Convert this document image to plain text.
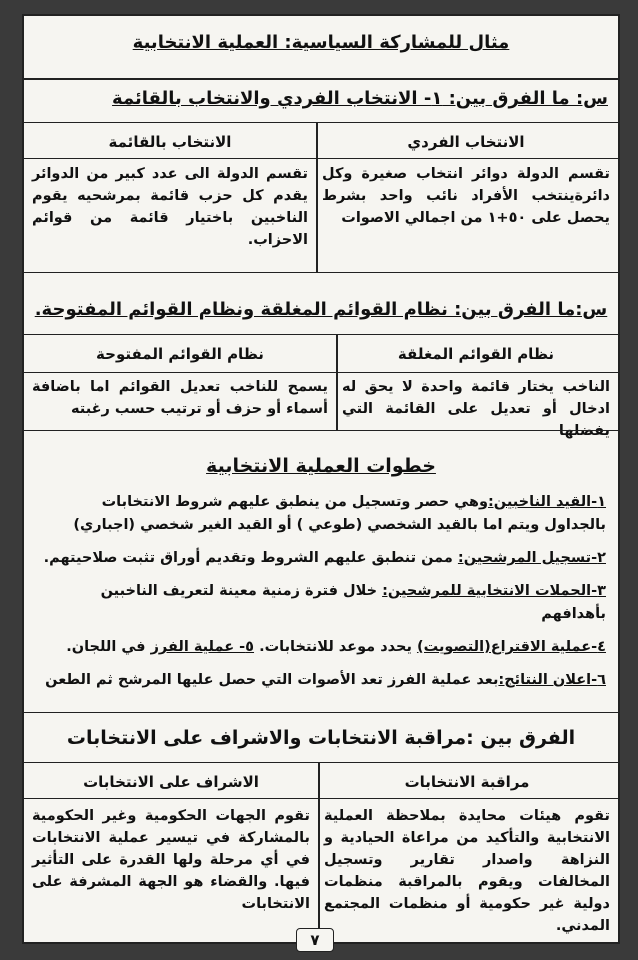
مثال للمشاركة السياسية: العملية الانتخابية
س: ما الفرق بين: ١- الانتخاب الفردي والانتخاب بالقائمة
الانتخاب الفردي
الانتخاب بالقائمة
تقسم الدولة دوائر انتخاب صغيرة وكل دائرةينتخب الأفراد نائب واحد بشرط يحصل على ٥٠+١ من اجمالي الاصوات
تقسم الدولة الى عدد كبير من الدوائر يقدم كل حزب قائمة بمرشحيه يقوم الناخبين باختيار قائمة من قوائم الاحزاب.
س:ما الفرق بين: نظام القوائم المغلقة ونظام القوائم المفتوحة.
نظام القوائم المغلقة
نظام القوائم المفتوحة
الناخب يختار قائمة واحدة لا يحق له ادخال أو تعديل على القائمة التي يفضلها
يسمح للناخب تعديل القوائم اما باضافة أسماء أو حزف أو ترتيب حسب رغبته
خطوات العملية الانتخابية
١-القيد الناخبين:وهي حصر وتسجيل من ينطبق عليهم شروط الانتخابات بالجداول ويتم اما بالقيد الشخصي (طوعي ) أو القيد الغير شخصي (اجباري)
٢-تسجيل المرشحين: ممن تنطبق عليهم الشروط وتقديم أوراق تثبت صلاحيتهم.
٣-الحملات الانتخابية للمرشحين: خلال فترة زمنية معينة لتعريف الناخبين بأهدافهم
٤-عملية الاقتراع(التصويت) يحدد موعد للانتخابات. ٥- عملية الفرز في اللجان.
٦-اعلان النتائج:بعد عملية الفرز تعد الأصوات التي حصل عليها المرشح ثم الطعن
الفرق بين :مراقبة الانتخابات والاشراف على الانتخابات
مراقبة الانتخابات
الاشراف على الانتخابات
تقوم هيئات محايدة بملاحظة العملية الانتخابية والتأكيد من مراعاة الحيادية و النزاهة واصدار تقارير وتسجيل المخالفات ويقوم بالمراقبة منظمات دولية غير حكومية أو منظمات المجتمع المدني.
تقوم الجهات الحكومية وغير الحكومية بالمشاركة في تيسير عملية الانتخابات في أي مرحلة ولها القدرة على التأثير فيها. والقضاء هو الجهة المشرفة على الانتخابات
٧
